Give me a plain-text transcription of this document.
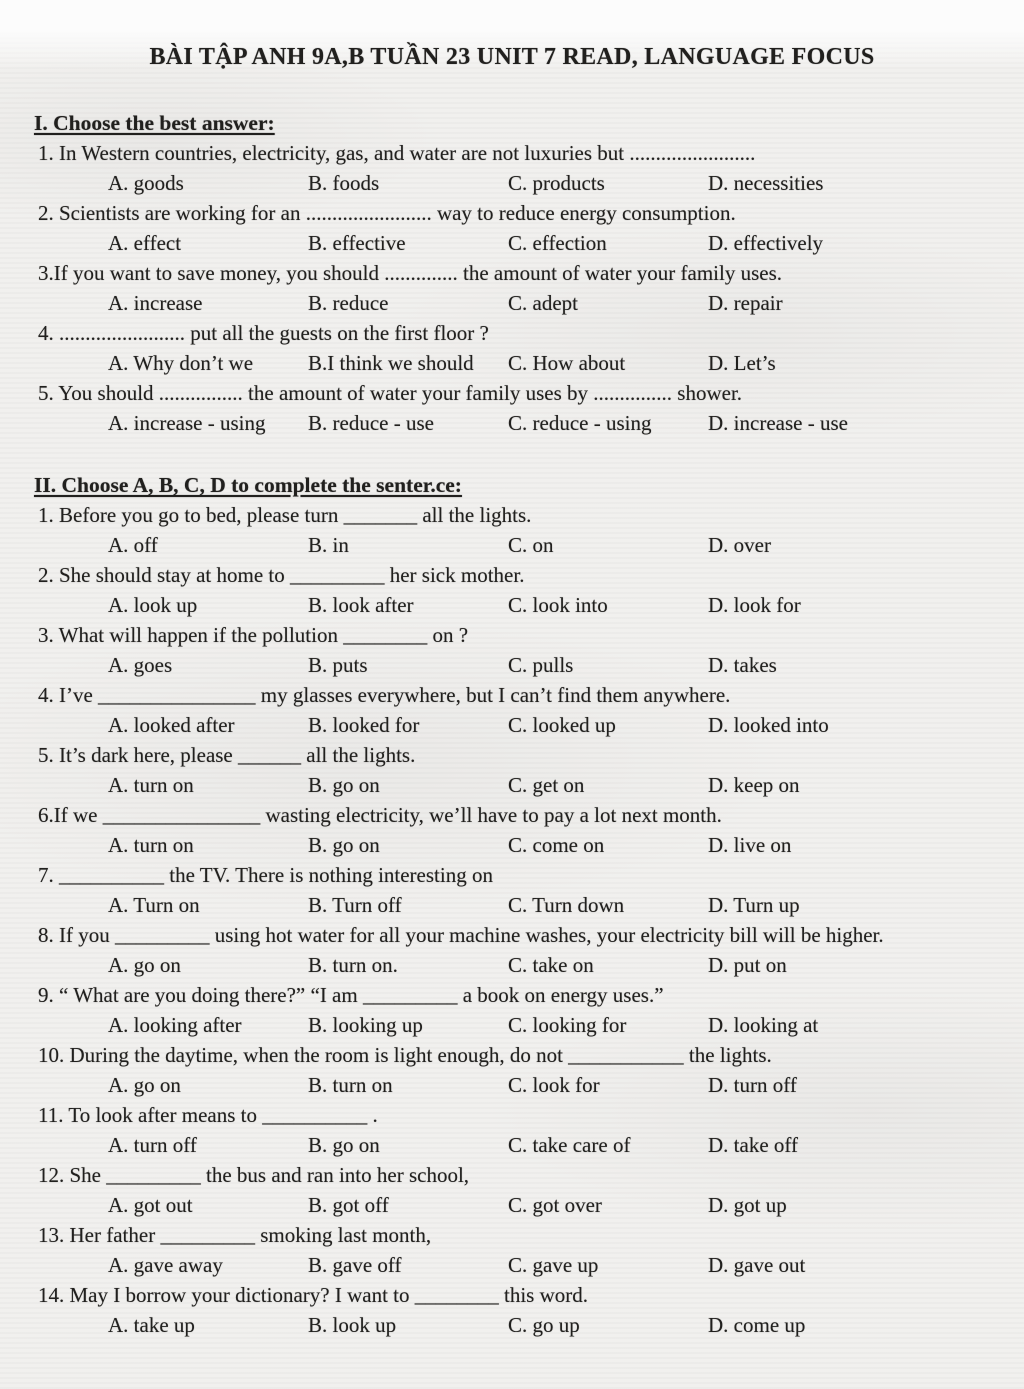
BÀI TẬP ANH 9A,B TUẦN 23 UNIT 7 READ, LANGUAGE FOCUS
I. Choose the best answer:
1. In Western countries, electricity, gas, and water are not luxuries but ........................
A. goods	B. foods	C. products	D. necessities
2. Scientists are working for an ........................ way to reduce energy consumption.
A. effect	B. effective	C. effection	D. effectively
3.If you want to save money, you should .............. the amount of water your family uses.
A. increase	B. reduce	C. adept	D. repair
4. ........................ put all the guests on the first floor ?
A. Why don’t we	B.I think we should	C. How about	D. Let’s
5. You should ................ the amount of water your family uses by ............... shower.
A. increase - using	B. reduce - use	C. reduce - using	D. increase - use
II. Choose A, B, C, D to complete the senter.ce:
1. Before you go to bed, please turn _______ all the lights.
A. off	B. in	C. on	D. over
2. She should stay at home to _________ her sick mother.
A. look up	B. look after	C. look into	D. look for
3. What will happen if the pollution ________ on ?
A. goes	B. puts	C. pulls	D. takes
4. I’ve _______________ my glasses everywhere, but I can’t find them anywhere.
A. looked after	B. looked for	C. looked up	D. looked into
5. It’s dark here, please ______ all the lights.
A. turn on	B. go on	C. get on	D. keep on
6.If we _______________ wasting electricity, we’ll have to pay a lot next month.
A. turn on	B. go on	C. come on	D. live on
7. __________ the TV. There is nothing interesting on
A. Turn on	B. Turn off	C. Turn down	D. Turn up
8. If you _________ using hot water for all your machine washes, your electricity bill will be higher.
A. go on	B. turn on.	C. take on	D. put on
9. “ What are you doing there?” “I am _________ a book on energy uses.”
A. looking after	B. looking up	C. looking for	D. looking at
10. During the daytime, when the room is light enough, do not ___________ the lights.
A. go on	B. turn on	C. look for	D. turn off
11. To look after means to __________ .
A. turn off	B. go on	C. take care of	D. take off
12. She _________ the bus and ran into her school,
A. got out	B. got off	C. got over	D. got up
13. Her father _________ smoking last month,
A. gave away	B. gave off	C. gave up	D. gave out
14. May I borrow your dictionary? I want to ________ this word.
A. take up	B. look up	C. go up	D. come up
